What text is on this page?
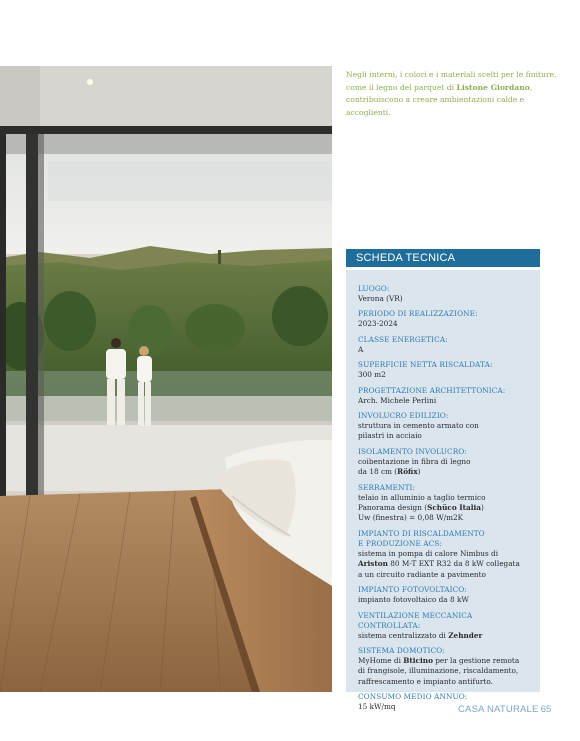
Negli interni, i colori e i materiali scelti per le finiture, come il legno del parquet di Listone Giordano, contribuiscono a creare ambientazioni calde e accoglienti.

SCHEDA TECNICA
LUOGO:
Verona (VR)
PERIODO DI REALIZZAZIONE:
2023-2024
CLASSE ENERGETICA:
A
SUPERFICIE NETTA RISCALDATA:
300 m2
PROGETTAZIONE ARCHITETTONICA:
Arch. Michele Perlini
INVOLUCRO EDILIZIO:
struttura in cemento armato con
pilastri in acciaio
ISOLAMENTO INVOLUCRO:
coibentazione in fibra di legno
da 18 cm (Röfix)
SERRAMENTI:
telaio in alluminio a taglio termico
Panorama design (Schüco Italia)
Uw (finestra) = 0,08 W/m2K
IMPIANTO DI RISCALDAMENTO
E PRODUZIONE ACS:
sistema in pompa di calore Nimbus di
Ariston 80 M-T EXT R32 da 8 kW collegata
a un circuito radiante a pavimento
IMPIANTO FOTOVOLTAICO:
impianto fotovoltaico da 8 kW
VENTILAZIONE MECCANICA CONTROLLATA:
sistema centralizzato di Zehnder
SISTEMA DOMOTICO:
MyHome di Bticino per la gestione remota
di frangisole, illuminazione, riscaldamento,
raffrescamento e impianto antifurto.
CONSUMO MEDIO ANNUO:
15 kW/mq	CASA NATURALE 65
